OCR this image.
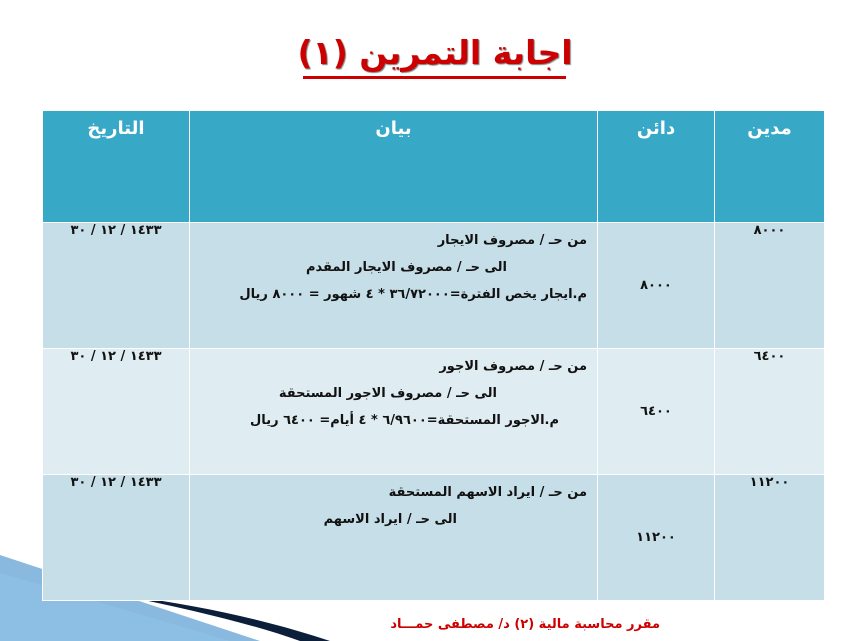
اجابة التمرين (١)
مدين	دائن	بيان	التاريخ
٨٠٠٠	٨٠٠٠	من حـ / مصروف الايجار
الى حـ / مصروف الايجار المقدم
م.ايجار يخص الفترة=٣٦/٧٢٠٠٠ * ٤ شهور = ٨٠٠٠ ريال	١٤٣٣ / ١٢ / ٣٠
٦٤٠٠	٦٤٠٠	من حـ / مصروف الاجور
الى حـ / مصروف الاجور المستحقة
م.الاجور المستحقة=٦/٩٦٠٠ * ٤ أيام= ٦٤٠٠ ريال	١٤٣٣ / ١٢ / ٣٠
١١٢٠٠	١١٢٠٠	من حـ / ايراد الاسهم المستحقة
الى حـ / ايراد الاسهم	١٤٣٣ / ١٢ / ٣٠
مقرر محاسبة مالية (٢) د/ مصطفى حمـــاد
